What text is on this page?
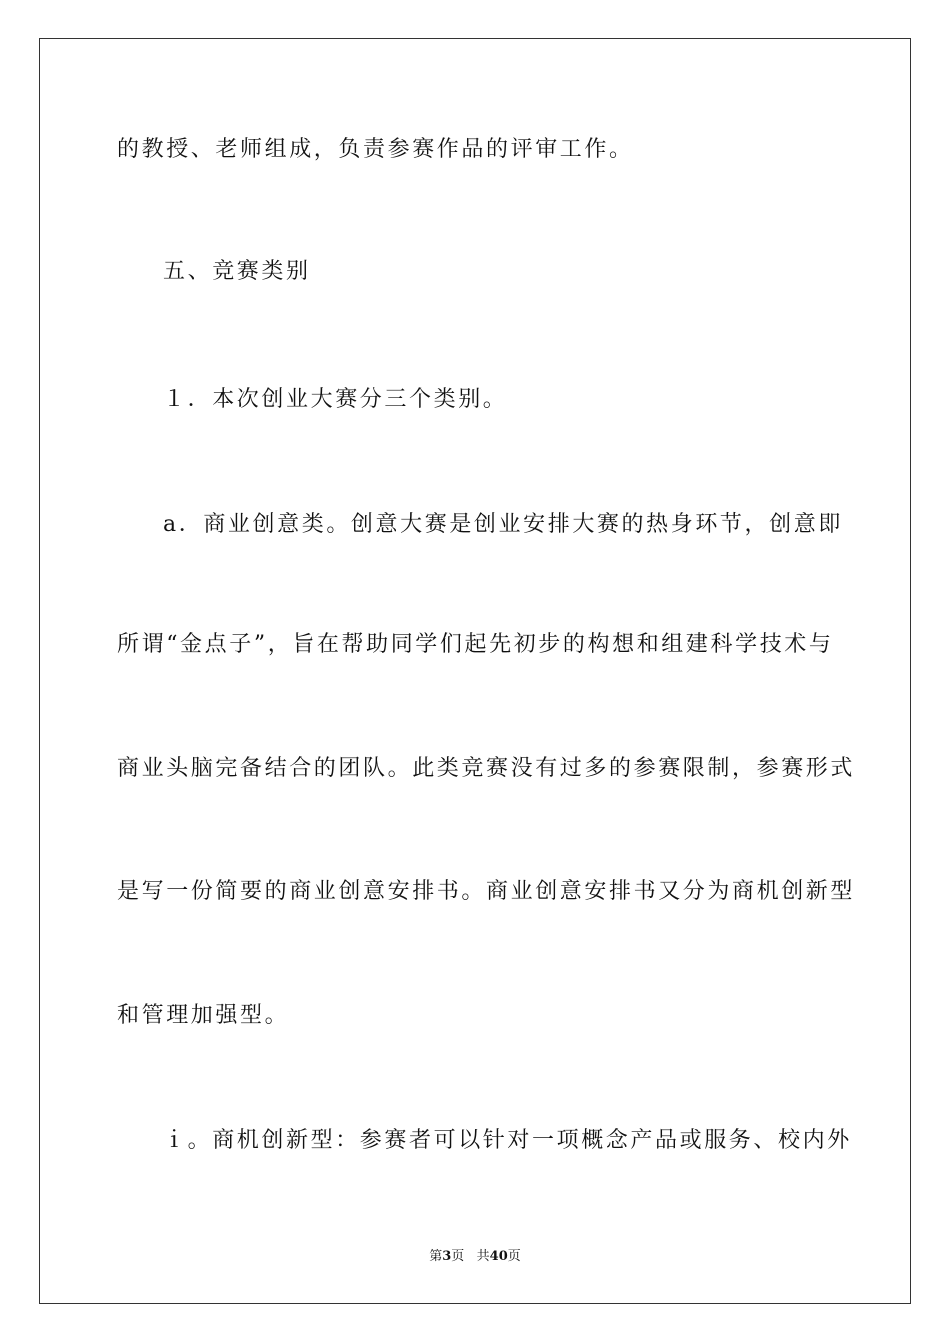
的教授、老师组成，负责参赛作品的评审工作。
五、竞赛类别
１．本次创业大赛分三个类别。
a．商业创意类。创意大赛是创业安排大赛的热身环节，创意即
所谓“金点子”，旨在帮助同学们起先初步的构想和组建科学技术与
商业头脑完备结合的团队。此类竞赛没有过多的参赛限制，参赛形式
是写一份简要的商业创意安排书。商业创意安排书又分为商机创新型
和管理加强型。
ｉ。商机创新型：参赛者可以针对一项概念产品或服务、校内外
第3页   共40页
